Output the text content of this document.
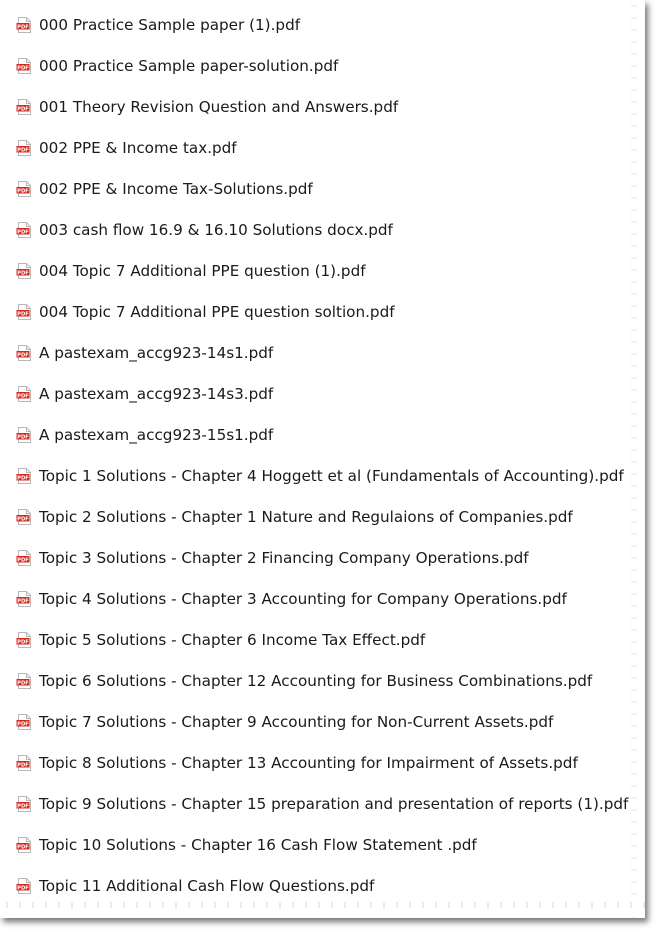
PDF 000 Practice Sample paper (1).pdf
PDF 000 Practice Sample paper-solution.pdf
PDF 001 Theory Revision Question and Answers.pdf
PDF 002 PPE & Income tax.pdf
PDF 002 PPE & Income Tax-Solutions.pdf
PDF 003 cash flow 16.9 & 16.10 Solutions docx.pdf
PDF 004 Topic 7 Additional PPE question (1).pdf
PDF 004 Topic 7 Additional PPE question soltion.pdf
PDF A pastexam_accg923-14s1.pdf
PDF A pastexam_accg923-14s3.pdf
PDF A pastexam_accg923-15s1.pdf
PDF Topic 1 Solutions - Chapter 4 Hoggett et al (Fundamentals of Accounting).pdf
PDF Topic 2 Solutions - Chapter 1 Nature and Regulaions of Companies.pdf
PDF Topic 3 Solutions - Chapter 2 Financing Company Operations.pdf
PDF Topic 4 Solutions - Chapter 3 Accounting for Company Operations.pdf
PDF Topic 5 Solutions - Chapter 6 Income Tax Effect.pdf
PDF Topic 6 Solutions - Chapter 12 Accounting for Business Combinations.pdf
PDF Topic 7 Solutions - Chapter 9 Accounting for Non-Current Assets.pdf
PDF Topic 8 Solutions - Chapter 13 Accounting for Impairment of Assets.pdf
PDF Topic 9 Solutions - Chapter 15 preparation and presentation of reports (1).pdf
PDF Topic 10 Solutions - Chapter 16 Cash Flow Statement .pdf
PDF Topic 11 Additional Cash Flow Questions.pdf
